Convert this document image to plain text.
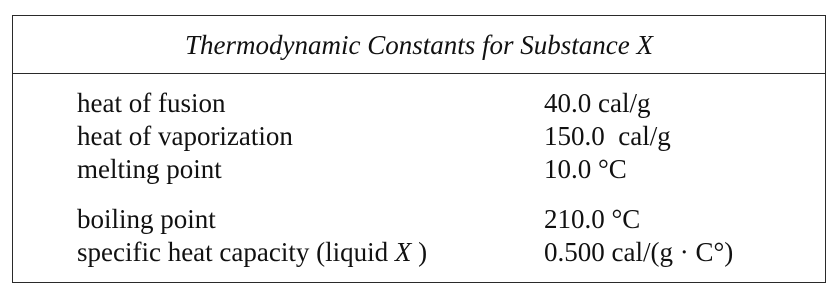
Thermodynamic Constants for Substance X
heat of fusion	40.0 cal/g
heat of vaporization	150.0  cal/g
melting point	10.0 °C
boiling point	210.0 °C
specific heat capacity (liquid X )	0.500 cal/(g · C°)
